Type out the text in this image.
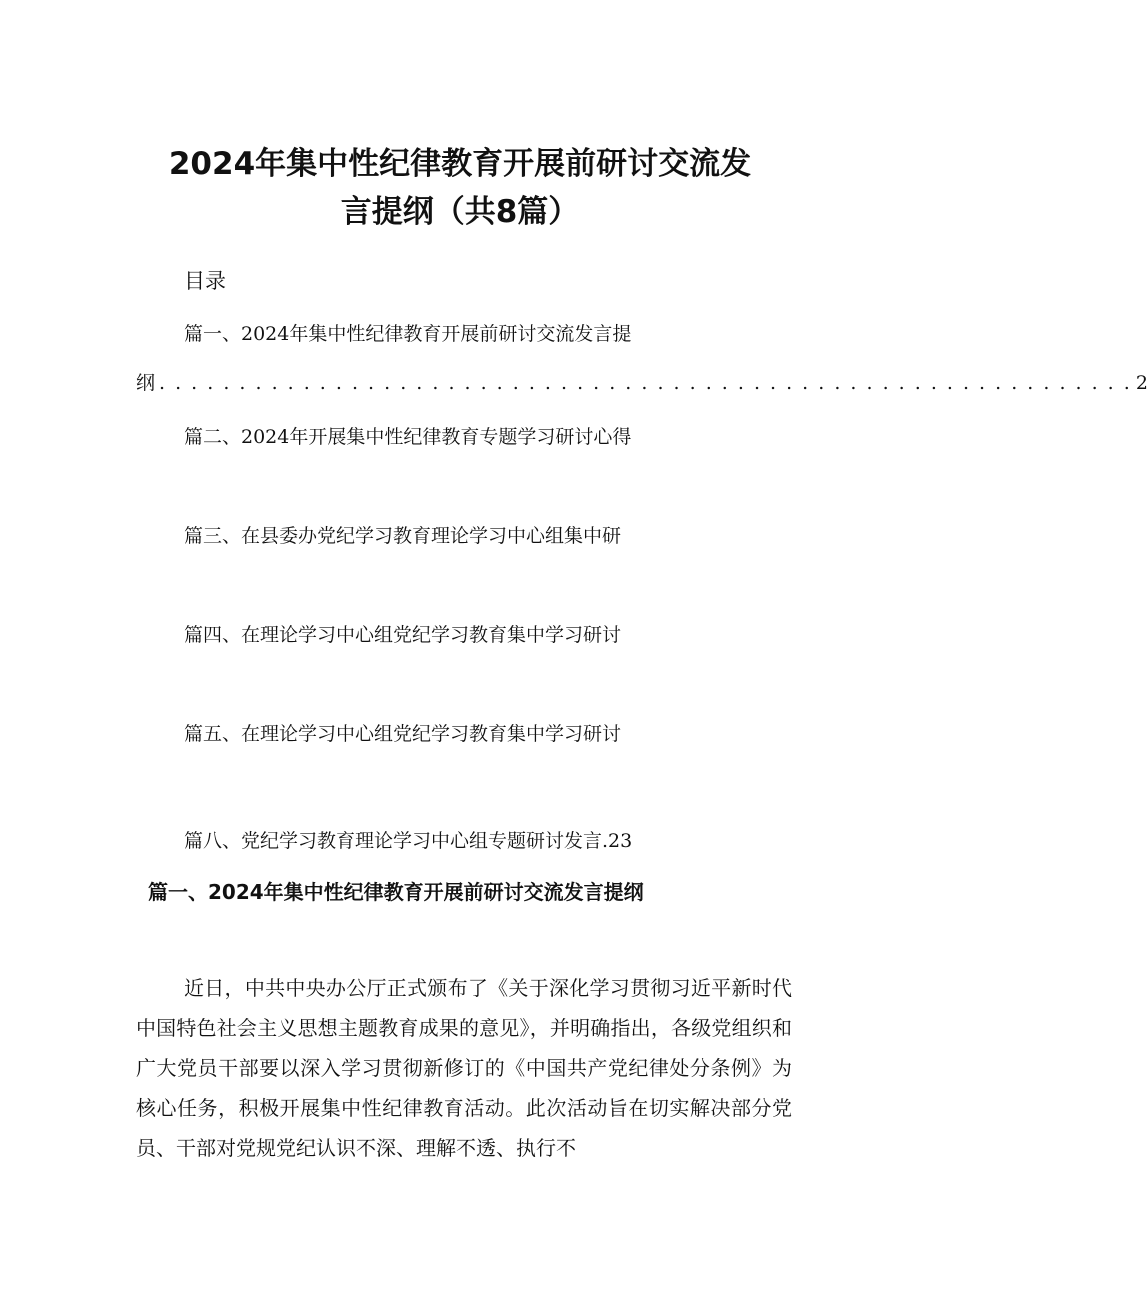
2024年集中性纪律教育开展前研讨交流发
言提纲（共8篇）
目录
篇一、2024年集中性纪律教育开展前研讨交流发言提
纲 . . . . . . . . . . . . . . . . . . . . . . . . . . . . . . . . . . . . . . . . . . . . . . . . . . . . . . . . . . . . . 2
篇二、2024年开展集中性纪律教育专题学习研讨心得
篇三、在县委办党纪学习教育理论学习中心组集中研
篇四、在理论学习中心组党纪学习教育集中学习研讨
篇五、在理论学习中心组党纪学习教育集中学习研讨
篇八、党纪学习教育理论学习中心组专题研讨发言.23
篇一、2024年集中性纪律教育开展前研讨交流发言提纲
近日，中共中央办公厅正式颁布了《关于深化学习贯彻习近平新时代中国特色社会主义思想主题教育成果的意见》，并明确指出，各级党组织和广大党员干部要以深入学习贯彻新修订的《中国共产党纪律处分条例》为核心任务，积极开展集中性纪律教育活动。此次活动旨在切实解决部分党员、干部对党规党纪认识不深、理解不透、执行不
